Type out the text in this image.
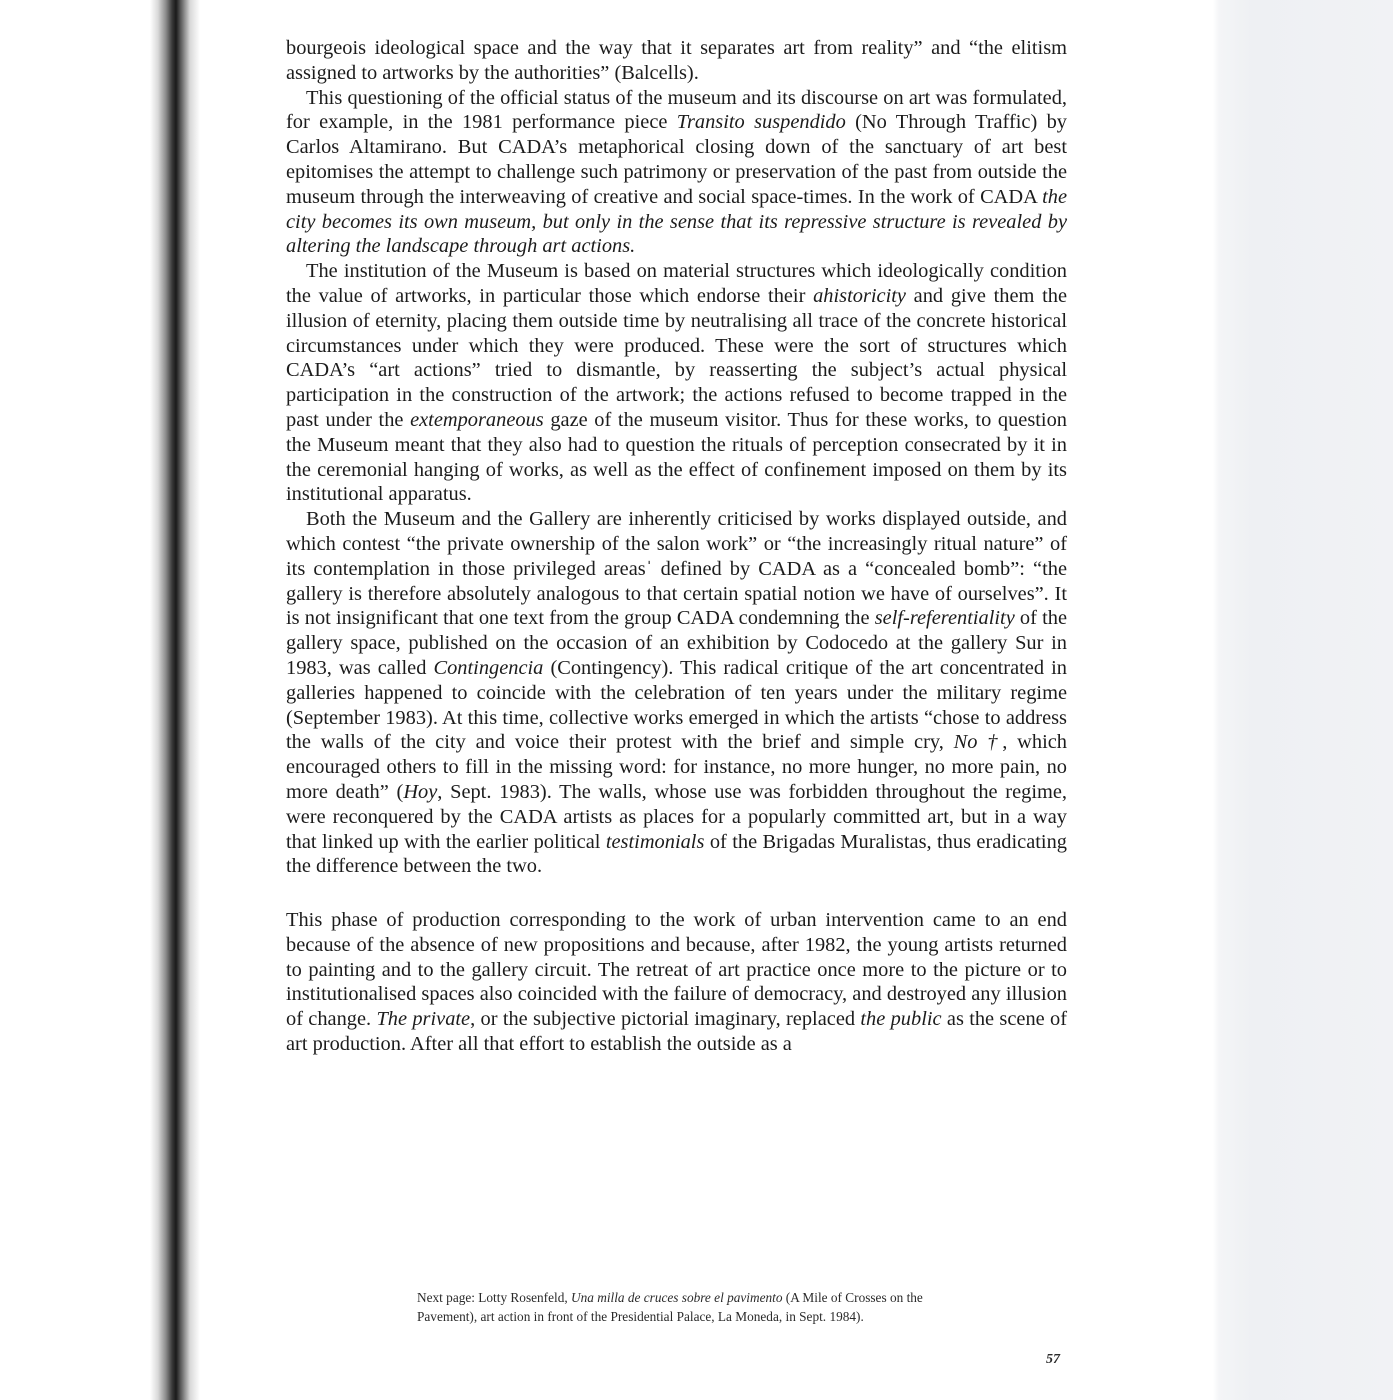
bourgeois ideological space and the way that it separates art from reality” and “the elitism assigned to artworks by the authorities” (Balcells).

This questioning of the official status of the museum and its discourse on art was formulated, for example, in the 1981 performance piece Transito suspendido (No Through Traffic) by Carlos Altamirano. But CADA’s metaphorical closing down of the sanctuary of art best epitomises the attempt to challenge such patrimony or preservation of the past from outside the museum through the interweaving of creative and social space-times. In the work of CADA the city becomes its own museum, but only in the sense that its repressive structure is revealed by altering the landscape through art actions.

The institution of the Museum is based on material structures which ideologically condition the value of artworks, in particular those which endorse their ahistoricity and give them the illusion of eternity, placing them outside time by neutralising all trace of the concrete historical circumstances under which they were produced. These were the sort of structures which CADA’s “art actions” tried to dismantle, by reasserting the subject’s actual physical participation in the construction of the artwork; the actions refused to become trapped in the past under the extemporaneous gaze of the museum visitor. Thus for these works, to question the Museum meant that they also had to question the rituals of perception consecrated by it in the ceremonial hanging of works, as well as the effect of confinement imposed on them by its institutional apparatus.

Both the Museum and the Gallery are inherently criticised by works displayed outside, and which contest “the private ownership of the salon work” or “the increasingly ritual nature” of its contemplation in those privileged areasˈ defined by CADA as a “concealed bomb”: “the gallery is therefore absolutely analogous to that certain spatial notion we have of ourselves”. It is not insignificant that one text from the group CADA condemning the self-referentiality of the gallery space, published on the occasion of an exhibition by Codocedo at the gallery Sur in 1983, was called Contingencia (Contingency). This radical critique of the art concentrated in galleries happened to coincide with the celebration of ten years under the military regime (September 1983). At this time, collective works emerged in which the artists “chose to address the walls of the city and voice their protest with the brief and simple cry, No †, which encouraged others to fill in the missing word: for instance, no more hunger, no more pain, no more death” (Hoy, Sept. 1983). The walls, whose use was forbidden throughout the regime, were reconquered by the CADA artists as places for a popularly committed art, but in a way that linked up with the earlier political testimonials of the Brigadas Muralistas, thus eradicating the difference between the two.

This phase of production corresponding to the work of urban intervention came to an end because of the absence of new propositions and because, after 1982, the young artists returned to painting and to the gallery circuit. The retreat of art practice once more to the picture or to institutionalised spaces also coincided with the failure of democracy, and destroyed any illusion of change. The private, or the subjective pictorial imaginary, replaced the public as the scene of art production. After all that effort to establish the outside as a

Next page: Lotty Rosenfeld, Una milla de cruces sobre el pavimento (A Mile of Crosses on the Pavement), art action in front of the Presidential Palace, La Moneda, in Sept. 1984).
57
